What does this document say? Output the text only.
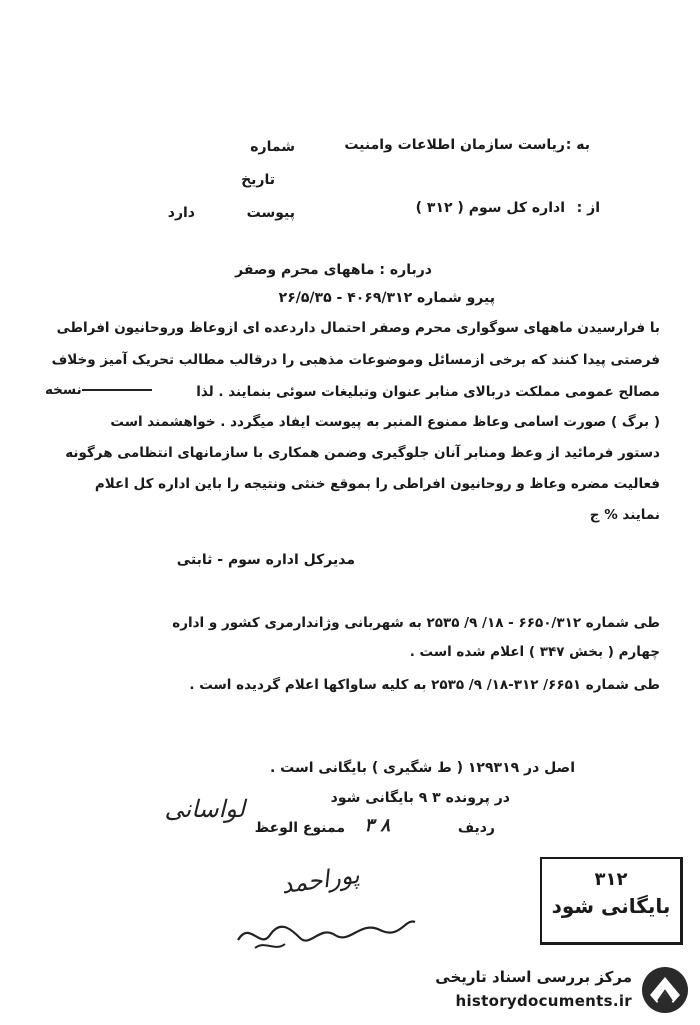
به :
ریاست سازمان اطلاعات وامنیت
شماره
تاریخ
از :
اداره کل سوم ( ۳۱۲ )
پیوست
دارد
درباره : ماههای محرم وصفر
پیرو شماره ۴۰۶۹/۳۱۲ - ۲۶/۵/۳۵
با فرارسیدن ماههای سوگواری محرم وصفر احتمال داردعده ای ازوعاظ وروحانیون افراطی
فرصتی پیدا کنند که برخی ازمسائل وموضوعات مذهبی را درقالب مطالب تحریک آمیز وخلاف
مصالح عمومی مملکت دربالای منابر عنوان وتبلیغات سوئی بنمایند . لذا
نسخه
( برگ ) صورت اسامی وعاظ ممنوع المنبر به پیوست ایفاد میگردد . خواهشمند است
دستور فرمائید از وعظ ومنابر آنان جلوگیری وضمن همکاری با سازمانهای انتظامی هرگونه
فعالیت مضره وعاظ و روحانیون افراطی را بموقع خنثی ونتیجه را باین اداره کل اعلام
نمایند % ج
مدیرکل اداره سوم - ثابتی
طی شماره ۶۶۵۰/۳۱۲ - ۱۸/ ۹/ ۲۵۳۵ به شهربانی وژاندارمری کشور و اداره
چهارم ( بخش ۳۴۷ ) اعلام شده است .
طی شماره ۶۶۵۱/ ۳۱۲-۱۸/ ۹/ ۲۵۳۵ به کلیه ساواکها اعلام گردیده است .
اصل در ۱۲۹۳۱۹ ( ط شگیری ) بایگانی است .
در پرونده ۳ ۹ بایگانی شود
ردیف
۳ ۸
ممنوع الوعظ
لواسانی
پوراحمد	۳۱۲
بایگانی شود
مرکز بررسی اسناد تاریخی
historydocuments.ir
